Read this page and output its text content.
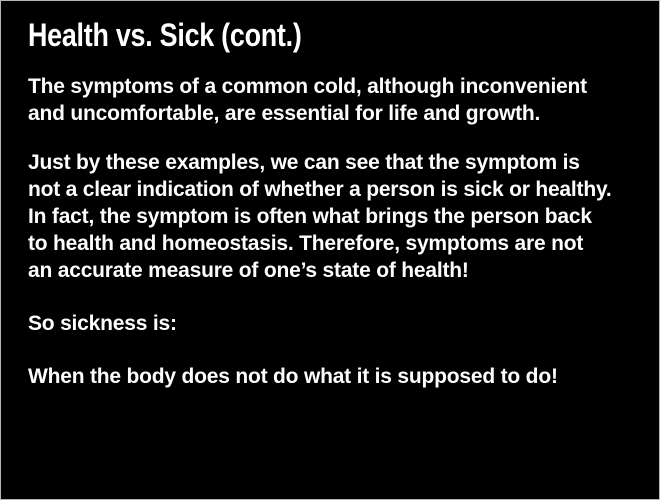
Health vs. Sick (cont.)
The symptoms of a common cold, although inconvenient
and uncomfortable, are essential for life and growth.
Just by these examples, we can see that the symptom is
not a clear indication of whether a person is sick or healthy.
In fact, the symptom is often what brings the person back
to health and homeostasis. Therefore, symptoms are not
an accurate measure of one’s state of health!
So sickness is:
When the body does not do what it is supposed to do!
